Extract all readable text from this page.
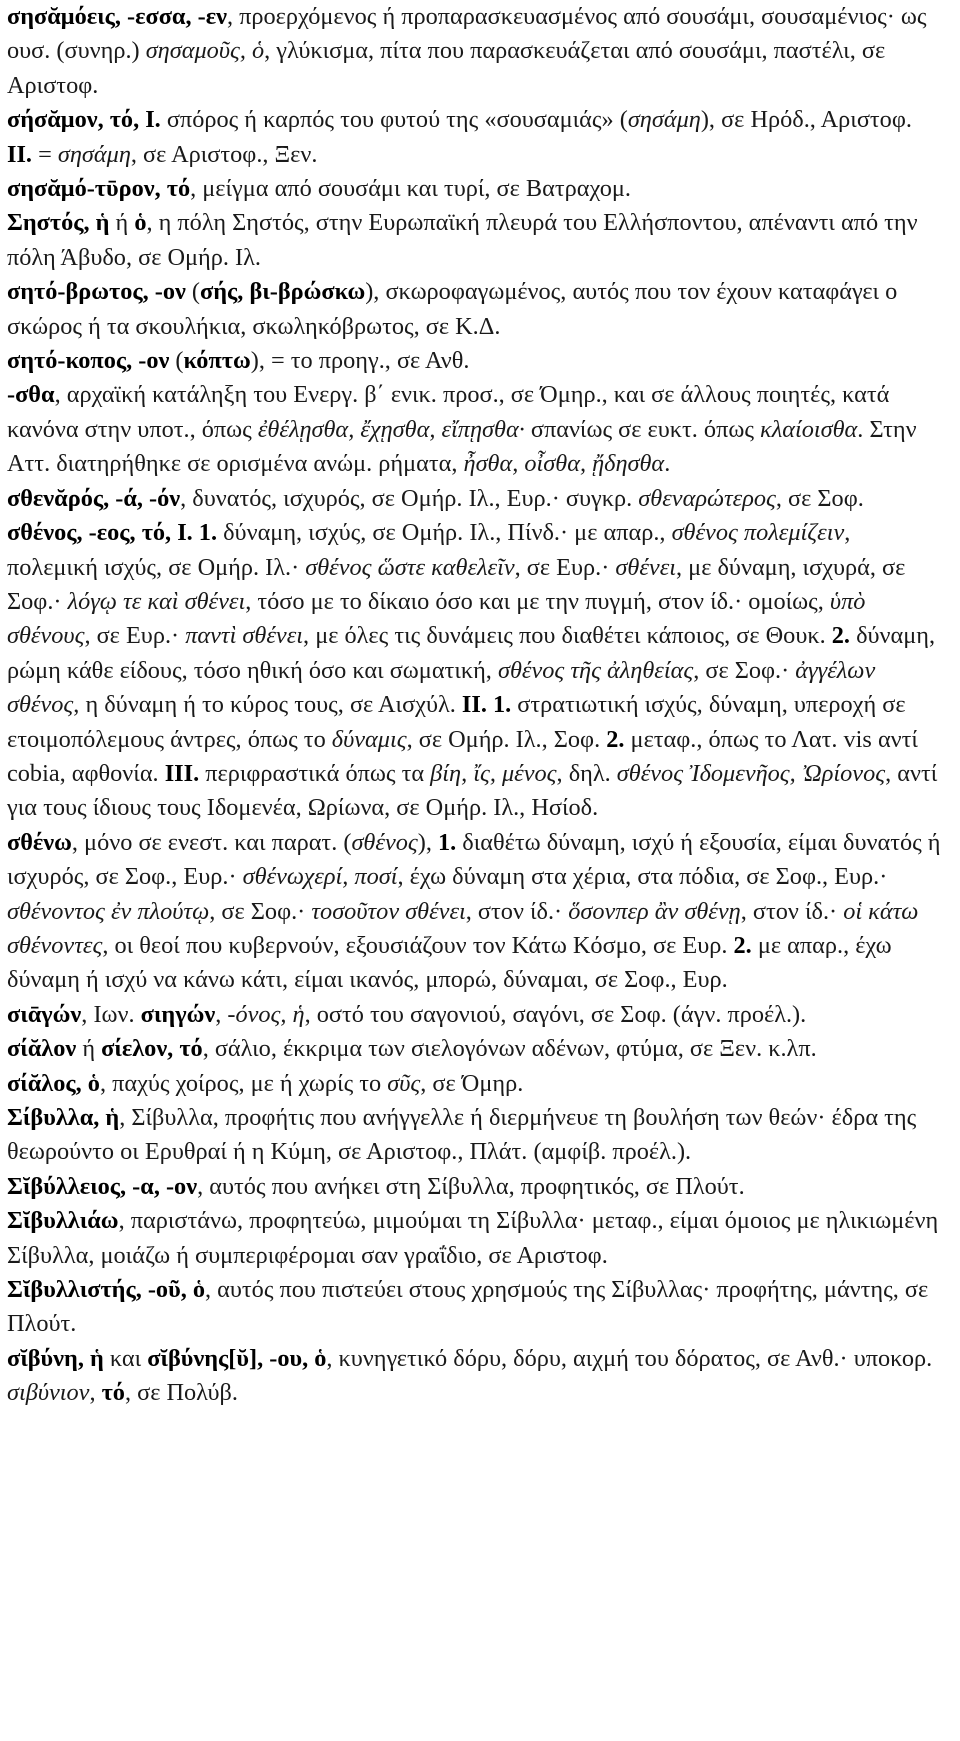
σησᾰμόεις, -εσσα, -εν, προερχόμενος ή προπαρασκευασμένος από σουσάμι, σουσαμένιος· ως ουσ. (συνηρ.) σησαμοῦς, ὁ, γλύκισμα, πίτα που παρασκευάζεται από σουσάμι, παστέλι, σε Αριστοφ.

σήσᾰμον, τό, I. σπόρος ή καρπός του φυτού της «σουσαμιάς» (σησάμη), σε Ηρόδ., Αριστοφ. II. = σησάμη, σε Αριστοφ., Ξεν.

σησᾰμό-τῡρον, τό, μείγμα από σουσάμι και τυρί, σε Βατραχομ.

Σηστός, ἡ ή ὁ, η πόλη Σηστός, στην Ευρωπαϊκή πλευρά του Ελλήσποντου, απέναντι από την πόλη Άβυδο, σε Ομήρ. Ιλ.

σητό-βρωτος, -ον (σής, βι-βρώσκω), σκωροφαγωμένος, αυτός που τον έχουν καταφάγει ο σκώρος ή τα σκουλήκια, σκωληκόβρωτος, σε Κ.Δ.

σητό-κοπος, -ον (κόπτω), = το προηγ., σε Ανθ.

-σθα, αρχαϊκή κατάληξη του Ενεργ. β΄ ενικ. προσ., σε Όμηρ., και σε άλλους ποιητές, κατά κανόνα στην υποτ., όπως ἐθέλῃσθα, ἔχῃσθα, εἴπῃσθα· σπανίως σε ευκτ. όπως κλαίοισθα. Στην Αττ. διατηρήθηκε σε ορισμένα ανώμ. ρήματα, ἦσθα, οἶσθα, ᾔδησθα.

σθενᾰρός, -ά, -όν, δυνατός, ισχυρός, σε Ομήρ. Ιλ., Ευρ.· συγκρ. σθεναρώτερος, σε Σοφ.

σθένος, -εος, τό, I. 1. δύναμη, ισχύς, σε Ομήρ. Ιλ., Πίνδ.· με απαρ., σθένος πολεμίζειν, πολεμική ισχύς, σε Ομήρ. Ιλ.· σθένος ὥστε καθελεῖν, σε Ευρ.· σθένει, με δύναμη, ισχυρά, σε Σοφ.· λόγῳ τε καὶ σθένει, τόσο με το δίκαιο όσο και με την πυγμή, στον ίδ.· ομοίως, ὑπὸ σθένους, σε Ευρ.· παντὶ σθένει, με όλες τις δυνάμεις που διαθέτει κάποιος, σε Θουκ. 2. δύναμη, ρώμη κάθε είδους, τόσο ηθική όσο και σωματική, σθένος τῆς ἀληθείας, σε Σοφ.· ἀγγέλων σθένος, η δύναμη ή το κύρος τους, σε Αισχύλ. II. 1. στρατιωτική ισχύς, δύναμη, υπεροχή σε ετοιμοπόλεμους άντρες, όπως το δύναμις, σε Ομήρ. Ιλ., Σοφ. 2. μεταφ., όπως το Λατ. vis αντί cobia, αφθονία. III. περιφραστικά όπως τα βίη, ἴς, μένος, δηλ. σθένος Ἰδομενῆος, Ὠρίονος, αντί για τους ίδιους τους Ιδομενέα, Ωρίωνα, σε Ομήρ. Ιλ., Ησίοδ.

σθένω, μόνο σε ενεστ. και παρατ. (σθένος), 1. διαθέτω δύναμη, ισχύ ή εξουσία, είμαι δυνατός ή ισχυρός, σε Σοφ., Ευρ.· σθένωχερί, ποσί, έχω δύναμη στα χέρια, στα πόδια, σε Σοφ., Ευρ.· σθένοντος ἐν πλούτῳ, σε Σοφ.· τοσοῦτον σθένει, στον ίδ.· ὅσονπερ ἂν σθένῃ, στον ίδ.· οἱ κάτω σθένοντες, οι θεοί που κυβερνούν, εξουσιάζουν τον Κάτω Κόσμο, σε Ευρ. 2. με απαρ., έχω δύναμη ή ισχύ να κάνω κάτι, είμαι ικανός, μπορώ, δύναμαι, σε Σοφ., Ευρ.

σιᾱγών, Ιων. σιηγών, -όνος, ἡ, οστό του σαγονιού, σαγόνι, σε Σοφ. (άγν. προέλ.).

σίᾰλον ή σίελον, τό, σάλιο, έκκριμα των σιελογόνων αδένων, φτύμα, σε Ξεν. κ.λπ.

σίᾰλος, ὁ, παχύς χοίρος, με ή χωρίς το σῦς, σε Όμηρ.

Σίβυλλα, ἡ, Σίβυλλα, προφήτις που ανήγγελλε ή διερμήνευε τη βουλήση των θεών· έδρα της θεωρούντο οι Ερυθραί ή η Κύμη, σε Αριστοφ., Πλάτ. (αμφίβ. προέλ.).

Σῐβύλλειος, -α, -ον, αυτός που ανήκει στη Σίβυλλα, προφητικός, σε Πλούτ.

Σῐβυλλιάω, παριστάνω, προφητεύω, μιμούμαι τη Σίβυλλα· μεταφ., είμαι όμοιος με ηλικιωμένη Σίβυλλα, μοιάζω ή συμπεριφέρομαι σαν γραΐδιο, σε Αριστοφ.

Σῐβυλλιστής, -οῦ, ὁ, αυτός που πιστεύει στους χρησμούς της Σίβυλλας· προφήτης, μάντης, σε Πλούτ.

σῐβύνη, ἡ και σῐβύνης[ῠ], -ου, ὁ, κυνηγετικό δόρυ, δόρυ, αιχμή του δόρατος, σε Ανθ.· υποκορ. σιβύνιον, τό, σε Πολύβ.
